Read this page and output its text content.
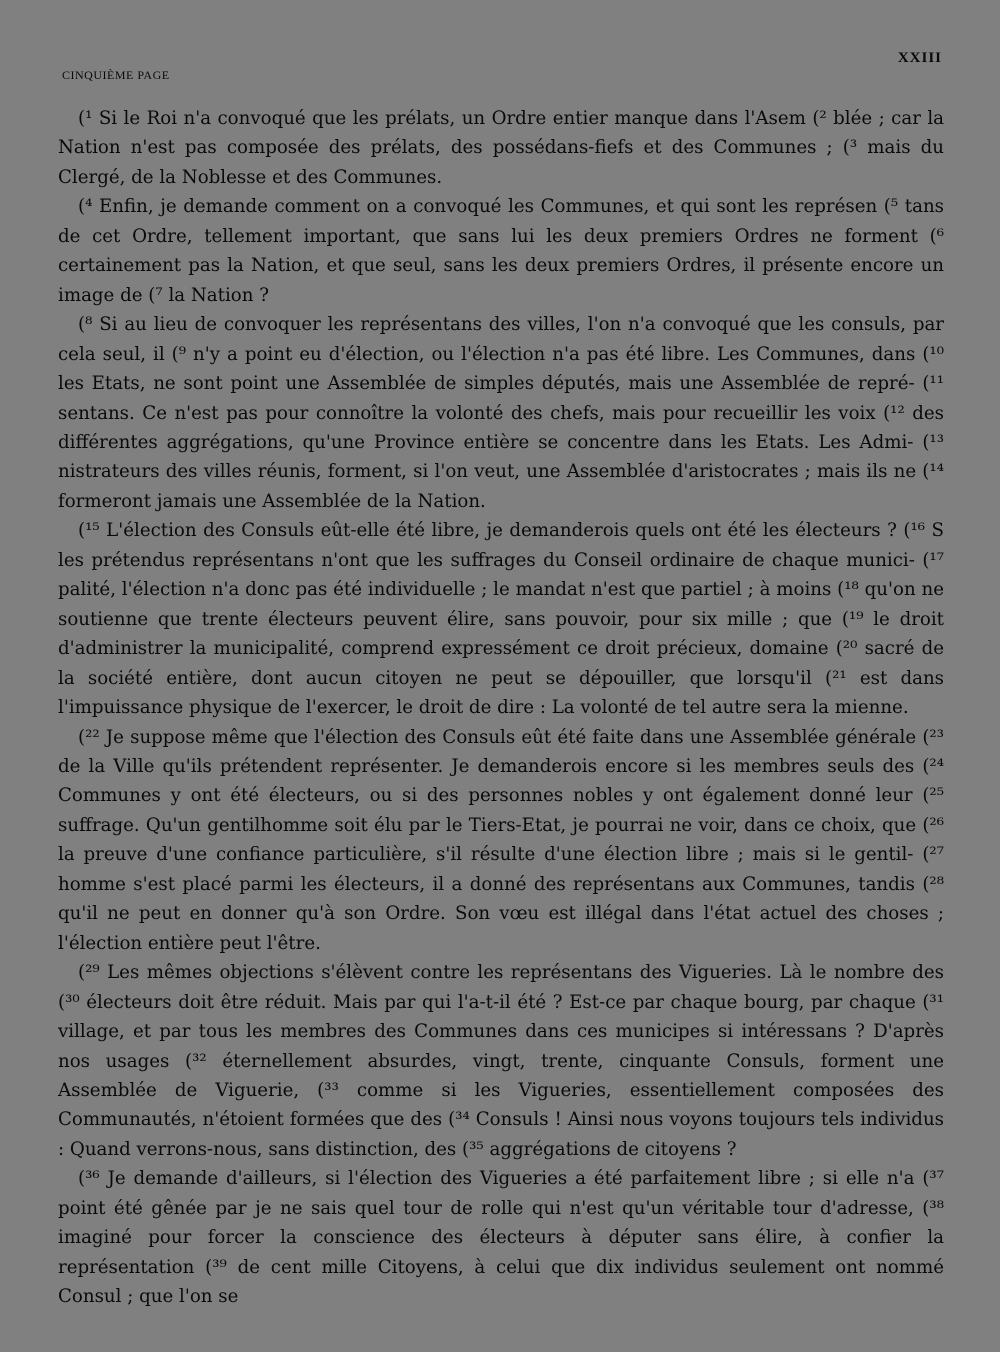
CINQUIÈME PAGE
XXIII

(¹ Si le Roi n'a convoqué que les prélats, un Ordre entier manque dans l'Asem (² blée ; car la Nation n'est pas composée des prélats, des possédans-fiefs et des Communes ; (³ mais du Clergé, de la Noblesse et des Communes.

(⁴ Enfin, je demande comment on a convoqué les Communes, et qui sont les représen (⁵ tans de cet Ordre, tellement important, que sans lui les deux premiers Ordres ne forment (⁶ certainement pas la Nation, et que seul, sans les deux premiers Ordres, il présente encore un image de (⁷ la Nation ?

(⁸ Si au lieu de convoquer les représentans des villes, l'on n'a convoqué que les consuls, par cela seul, il (⁹ n'y a point eu d'élection, ou l'élection n'a pas été libre. Les Communes, dans (¹⁰ les Etats, ne sont point une Assemblée de simples députés, mais une Assemblée de repré- (¹¹ sentans. Ce n'est pas pour connoître la volonté des chefs, mais pour recueillir les voix (¹² des différentes aggrégations, qu'une Province entière se concentre dans les Etats. Les Admi- (¹³ nistrateurs des villes réunis, forment, si l'on veut, une Assemblée d'aristocrates ; mais ils ne (¹⁴ formeront jamais une Assemblée de la Nation.

(¹⁵ L'élection des Consuls eût-elle été libre, je demanderois quels ont été les électeurs ? (¹⁶ S les prétendus représentans n'ont que les suffrages du Conseil ordinaire de chaque munici- (¹⁷ palité, l'élection n'a donc pas été individuelle ; le mandat n'est que partiel ; à moins (¹⁸ qu'on ne soutienne que trente électeurs peuvent élire, sans pouvoir, pour six mille ; que (¹⁹ le droit d'administrer la municipalité, comprend expressément ce droit précieux, domaine (²⁰ sacré de la société entière, dont aucun citoyen ne peut se dépouiller, que lorsqu'il (²¹ est dans l'impuissance physique de l'exercer, le droit de dire : La volonté de tel autre sera la mienne.

(²² Je suppose même que l'élection des Consuls eût été faite dans une Assemblée générale (²³ de la Ville qu'ils prétendent représenter. Je demanderois encore si les membres seuls des (²⁴ Communes y ont été électeurs, ou si des personnes nobles y ont également donné leur (²⁵ suffrage. Qu'un gentilhomme soit élu par le Tiers-Etat, je pourrai ne voir, dans ce choix, que (²⁶ la preuve d'une confiance particulière, s'il résulte d'une élection libre ; mais si le gentil- (²⁷ homme s'est placé parmi les électeurs, il a donné des représentans aux Communes, tandis (²⁸ qu'il ne peut en donner qu'à son Ordre. Son vœu est illégal dans l'état actuel des choses ; l'élection entière peut l'être.

(²⁹ Les mêmes objections s'élèvent contre les représentans des Vigueries. Là le nombre des (³⁰ électeurs doit être réduit. Mais par qui l'a-t-il été ? Est-ce par chaque bourg, par chaque (³¹ village, et par tous les membres des Communes dans ces municipes si intéressans ? D'après nos usages (³² éternellement absurdes, vingt, trente, cinquante Consuls, forment une Assemblée de Viguerie, (³³ comme si les Vigueries, essentiellement composées des Communautés, n'étoient formées que des (³⁴ Consuls ! Ainsi nous voyons toujours tels individus : Quand verrons-nous, sans distinction, des (³⁵ aggrégations de citoyens ?

(³⁶ Je demande d'ailleurs, si l'élection des Vigueries a été parfaitement libre ; si elle n'a (³⁷ point été gênée par je ne sais quel tour de rolle qui n'est qu'un véritable tour d'adresse, (³⁸ imaginé pour forcer la conscience des électeurs à députer sans élire, à confier la représentation (³⁹ de cent mille Citoyens, à celui que dix individus seulement ont nommé Consul ; que l'on se
